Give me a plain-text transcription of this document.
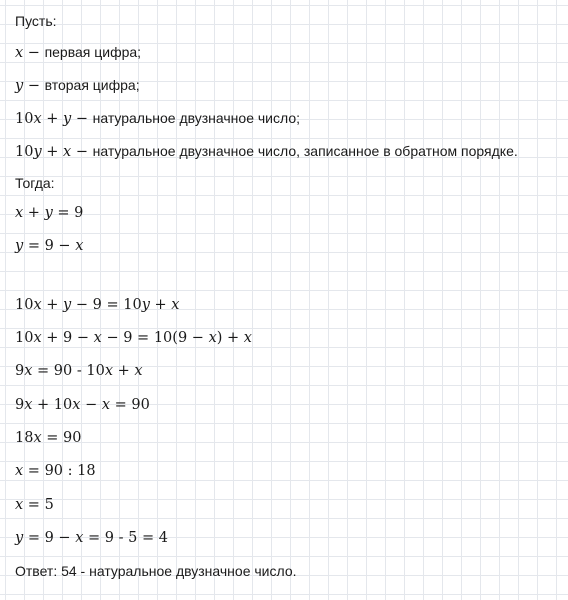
Пусть:
x − первая цифра;
y − вторая цифра;
10x + y − натуральное двузначное число;
10y + x − натуральное двузначное число, записанное в обратном порядке.
Тогда:
x + y = 9
y = 9 − x
10x + y − 9 = 10y + x
10x + 9 − x − 9 = 10(9 − x) + x
9x = 90 - 10x + x
9x + 10x − x = 90
18x = 90
x = 90 : 18
x = 5
y = 9 − x = 9 - 5 = 4
Ответ: 54 - натуральное двузначное число.
